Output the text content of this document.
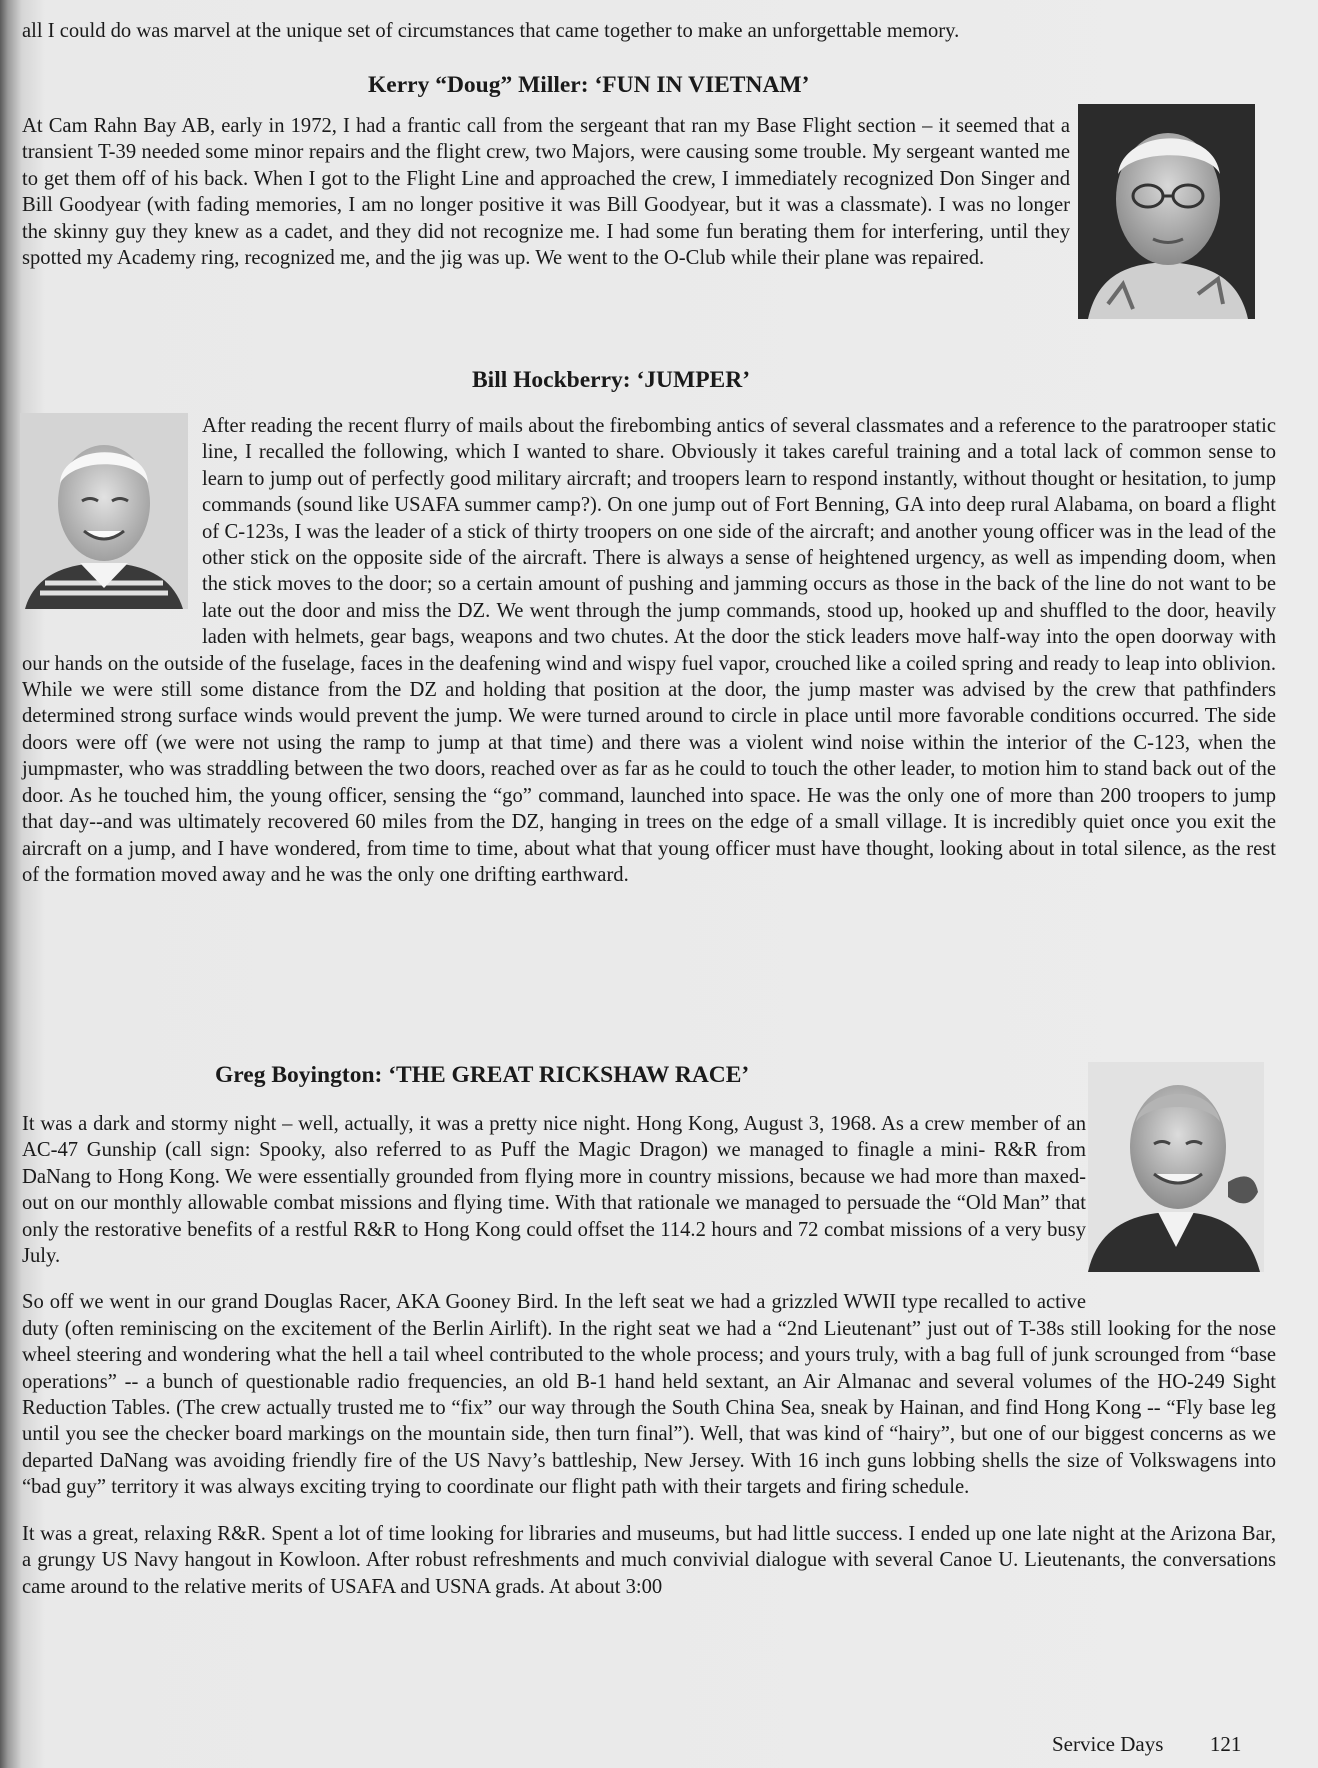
all I could do was marvel at the unique set of circumstances that came together to make an unforgettable memory.
Kerry “Doug” Miller: ‘FUN IN VIETNAM’

At Cam Rahn Bay AB, early in 1972, I had a frantic call from the sergeant that ran my Base Flight section – it seemed that a transient T-39 needed some minor repairs and the flight crew, two Majors, were causing some trouble. My sergeant wanted me to get them off of his back. When I got to the Flight Line and approached the crew, I immediately recognized Don Singer and Bill Goodyear (with fading memories, I am no longer positive it was Bill Goodyear, but it was a classmate). I was no longer the skinny guy they knew as a cadet, and they did not recognize me. I had some fun berating them for interfering, until they spotted my Academy ring, recognized me, and the jig was up. We went to the O-Club while their plane was repaired.

Bill Hockberry: ‘JUMPER’

After reading the recent flurry of mails about the firebombing antics of several classmates and a reference to the paratrooper static line, I recalled the following, which I wanted to share. Obviously it takes careful training and a total lack of common sense to learn to jump out of perfectly good military aircraft; and troopers learn to respond instantly, without thought or hesitation, to jump commands (sound like USAFA summer camp?). On one jump out of Fort Benning, GA into deep rural Alabama, on board a flight of C-123s, I was the leader of a stick of thirty troopers on one side of the aircraft; and another young officer was in the lead of the other stick on the opposite side of the aircraft. There is always a sense of heightened urgency, as well as impending doom, when the stick moves to the door; so a certain amount of pushing and jamming occurs as those in the back of the line do not want to be late out the door and miss the DZ.

We went through the jump commands, stood up, hooked up and shuffled to the door, heavily laden with helmets, gear bags, weapons and two chutes. At the door the stick leaders move half-way into the open doorway with our hands on the outside of the fuselage, faces in the deafening wind and wispy fuel vapor, crouched like a coiled spring and ready to leap into oblivion. While we were still some distance from the DZ and holding that position at the door, the jump master was advised by the crew that pathfinders determined strong surface winds would prevent the jump. We were turned around to circle in place until more favorable conditions occurred. The side doors were off (we were not using the ramp to jump at that time) and there was a violent wind noise within the interior of the C-123, when the jumpmaster, who was straddling between the two doors, reached over as far as he could to touch the other leader, to motion him to stand back out of the door. As he touched him, the young officer, sensing the “go” command, launched into space. He was the only one of more than 200 troopers to jump that day--and was ultimately recovered 60 miles from the DZ, hanging in trees on the edge of a small village. It is incredibly quiet once you exit the aircraft on a jump, and I have wondered, from time to time, about what that young officer must have thought, looking about in total silence, as the rest of the formation moved away and he was the only one drifting earthward.

Greg Boyington: ‘THE GREAT RICKSHAW RACE’

It was a dark and stormy night – well, actually, it was a pretty nice night. Hong Kong, August 3, 1968. As a crew member of an AC-47 Gunship (call sign: Spooky, also referred to as Puff the Magic Dragon) we managed to finagle a mini- R&R from DaNang to Hong Kong. We were essentially grounded from flying more in country missions, because we had more than maxed-out on our monthly allowable combat missions and flying time. With that rationale we managed to persuade the “Old Man” that only the restorative benefits of a restful R&R to Hong Kong could offset the 114.2 hours and 72 combat missions of a very busy July.

So off we went in our grand Douglas Racer, AKA Gooney Bird. In the left seat we had a grizzled WWII type recalled to active duty (often reminiscing on the excitement of the Berlin Airlift). In the right seat we had a “2nd Lieutenant” just out of T-38s still looking for the nose wheel steering and wondering what the hell a tail wheel contributed to the whole process; and yours truly, with a bag full of junk scrounged from “base operations” -- a bunch of questionable radio frequencies, an old B-1 hand held sextant, an Air Almanac and several volumes of the HO-249 Sight Reduction Tables. (The crew actually trusted me to “fix” our way through the South China Sea, sneak by Hainan, and find Hong Kong -- “Fly base leg until you see the checker board markings on the mountain side, then turn final”). Well, that was kind of “hairy”, but one of our biggest concerns as we departed DaNang was avoiding friendly fire of the US Navy’s battleship, New Jersey. With 16 inch guns lobbing shells the size of Volkswagens into “bad guy” territory it was always exciting trying to coordinate our flight path with their targets and firing schedule.

It was a great, relaxing R&R. Spent a lot of time looking for libraries and museums, but had little success. I ended up one late night at the Arizona Bar, a grungy US Navy hangout in Kowloon. After robust refreshments and much convivial dialogue with several Canoe U. Lieutenants, the conversations came around to the relative merits of USAFA and USNA grads. At about 3:00

Service Days 121
